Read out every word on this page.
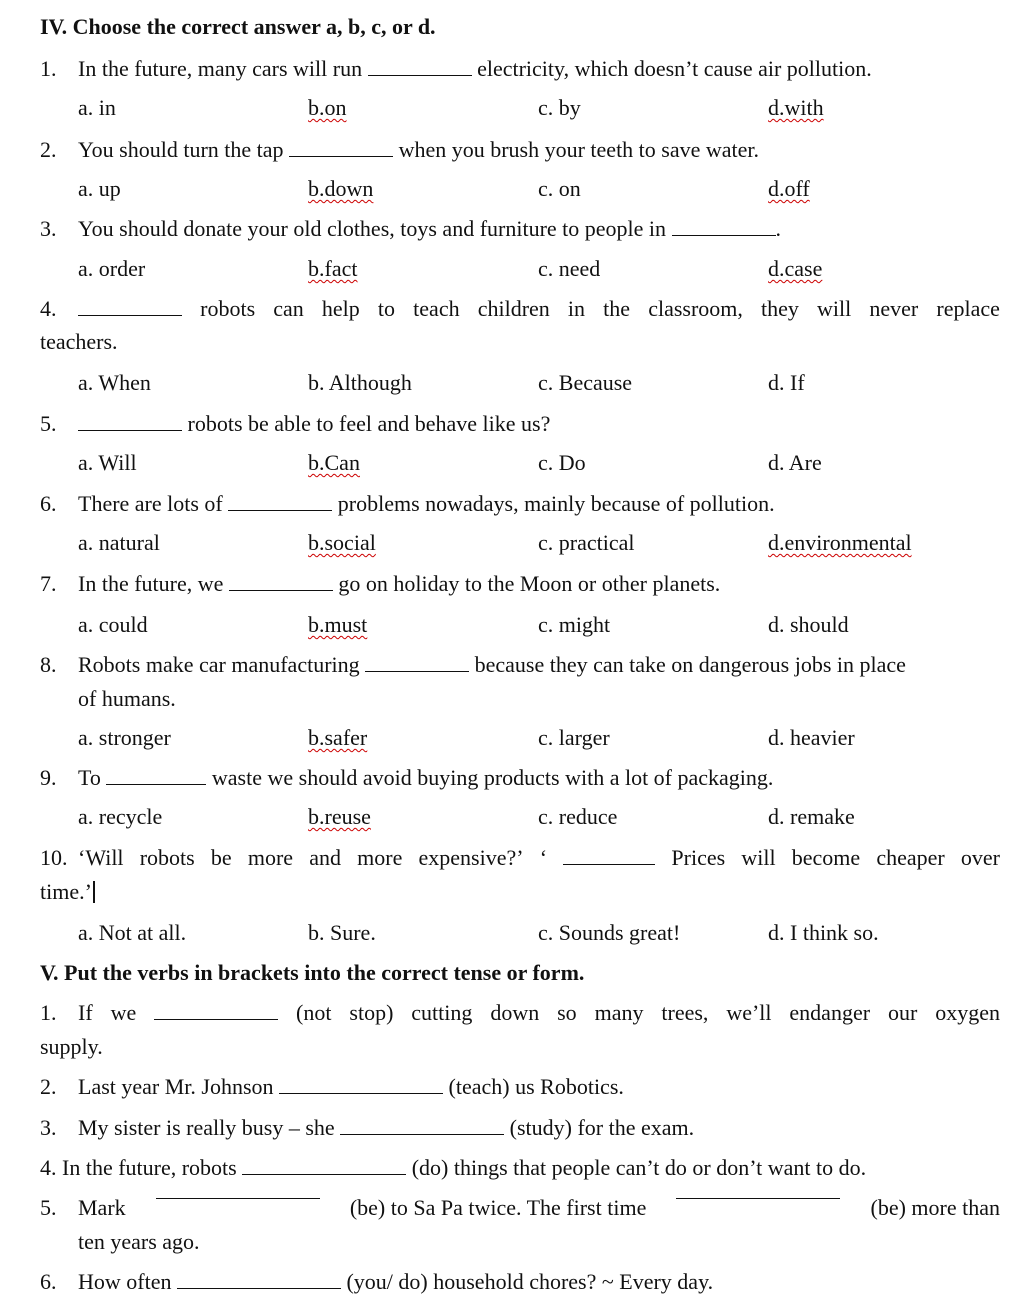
IV. Choose the correct answer a, b, c, or d.
1. In the future, many cars will run	electricity, which doesn’t cause air pollution.
a. in	b.on	c. by	d.with
2. You should turn the tap	when you brush your teeth to save water.
a. up	b.down	c. on	d.off
3. You should donate your old clothes, toys and furniture to people in	.
a. order	b.fact	c. need	d.case
4.	robots can help to teach children in the classroom, they will never replace
teachers.
a. When	b. Although	c. Because	d. If
5.	robots be able to feel and behave like us?
a. Will	b.Can	c. Do	d. Are
6. There are lots of	problems nowadays, mainly because of pollution.
a. natural	b.social	c. practical	d.environmental
7. In the future, we	go on holiday to the Moon or other planets.
a. could	b.must	c. might	d. should
8. Robots make car manufacturing	because they can take on dangerous jobs in place
of humans.
a. stronger	b.safer	c. larger	d. heavier
9. To	waste we should avoid buying products with a lot of packaging.
a. recycle	b.reuse	c. reduce	d. remake
10. ‘Will robots be more and more expensive?’ ‘	Prices will become cheaper over
time.’
a. Not at all.	b. Sure.	c. Sounds great!	d. I think so.
V. Put the verbs in brackets into the correct tense or form.
1. If we	(not stop) cutting down so many trees, we’ll endanger our oxygen
supply.
2. Last year Mr. Johnson	(teach) us Robotics.
3. My sister is really busy – she	(study) for the exam.
4. In the future, robots	(do) things that people can’t do or don’t want to do.
5. Mark	(be) to Sa Pa twice. The first time	(be) more than
ten years ago.
6. How often	(you/ do) household chores? ~ Every day.
